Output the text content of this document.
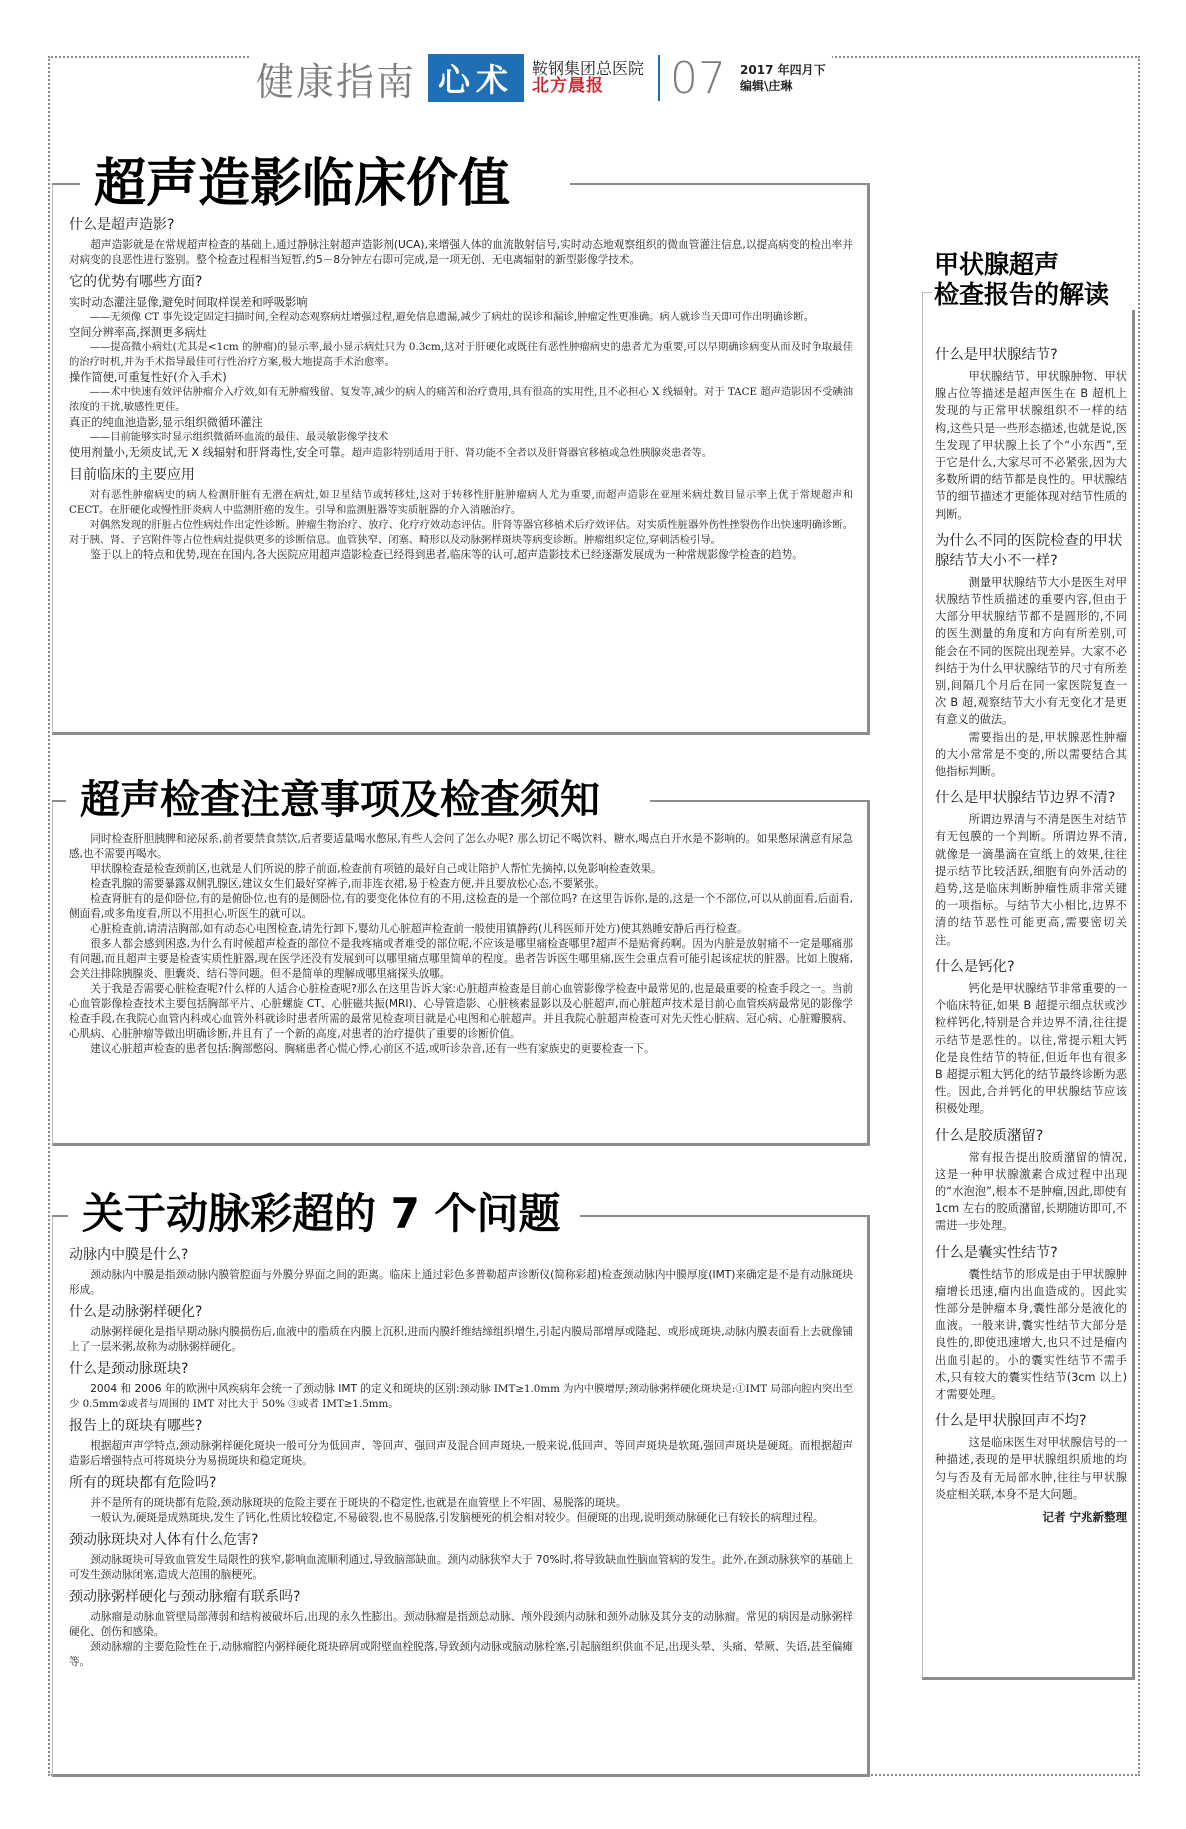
健康指南 心术	鞍钢集团总医院
北方晨报	07 2017 年四月下
编辑\庄琳
什么是超声造影?

超声造影就是在常规超声检查的基础上,通过静脉注射超声造影剂(UCA),来增强人体的血流散射信号,实时动态地观察组织的微血管灌注信息,以提高病变的检出率并对病变的良恶性进行鉴别。整个检查过程相当短暂,约5－8分钟左右即可完成,是一项无创、无电离辐射的新型影像学技术。

它的优势有哪些方面?

实时动态灌注显像,避免时间取样误差和呼吸影响

——无须像 CT 事先设定固定扫描时间,全程动态观察病灶增强过程,避免信息遗漏,减少了病灶的误诊和漏诊,肿瘤定性更准确。病人就诊当天即可作出明确诊断。

空间分辨率高,探测更多病灶

——提高微小病灶(尤其是<1cm 的肿瘤)的显示率,最小显示病灶只为 0.3cm,这对于肝硬化或既往有恶性肿瘤病史的患者尤为重要,可以早期确诊病变从而及时争取最佳的治疗时机,并为手术指导最佳可行性治疗方案,极大地提高手术治愈率。

操作简便,可重复性好(介入手术)

——术中快速有效评估肿瘤介入疗效,如有无肿瘤残留、复发等,减少的病人的痛苦和治疗费用,具有很高的实用性,且不必担心 X 线辐射。对于 TACE 超声造影因不受碘油浓度的干扰,敏感性更佳。

真正的纯血池造影,显示组织微循环灌注

——目前能够实时显示组织微循环血流的最佳、最灵敏影像学技术

使用剂量小,无须皮试,无 X 线辐射和肝肾毒性,安全可靠。超声造影特别适用于肝、肾功能不全者以及肝肾器官移植或急性胰腺炎患者等。

目前临床的主要应用

对有恶性肿瘤病史的病人检测肝脏有无潜在病灶,如卫星结节或转移灶,这对于转移性肝脏肿瘤病人尤为重要,而超声造影在亚厘米病灶数目显示率上优于常规超声和 CECT。在肝硬化或慢性肝炎病人中监测肝癌的发生。引导和监测脏器等实质脏器的介入消融治疗。

对偶然发现的肝脏占位性病灶作出定性诊断。肿瘤生物治疗、放疗、化疗疗效动态评估。肝肾等器官移植术后疗效评估。对实质性脏器外伤性挫裂伤作出快速明确诊断。对于胰、肾、子宫附件等占位性病灶提供更多的诊断信息。血管狭窄、闭塞、畸形以及动脉粥样斑块等病变诊断。肿瘤组织定位,穿刺活检引导。

鉴于以上的特点和优势,现在在国内,各大医院应用超声造影检查已经得到患者,临床等的认可,超声造影技术已经逐渐发展成为一种常规影像学检查的趋势。

超声造影临床价值

同时检查肝胆胰脾和泌尿系,前者要禁食禁饮,后者要适量喝水憋尿,有些人会问了怎么办呢? 那么切记不喝饮料、糖水,喝点白开水是不影响的。如果憋尿满意有尿急感,也不需要再喝水。

甲状腺检查是检查颈前区,也就是人们所说的脖子前面,检查前有项链的最好自己或让陪护人帮忙先摘掉,以免影响检查效果。

检查乳腺的需要暴露双侧乳腺区,建议女生们最好穿裤子,而非连衣裙,易于检查方便,并且要放松心态,不要紧张。

检查肾脏有的是仰卧位,有的是俯卧位,也有的是侧卧位,有的要变化体位有的不用,这检查的是一个部位吗? 在这里告诉你,是的,这是一个不部位,可以从前面看,后面看,侧面看,或多角度看,所以不用担心,听医生的就可以。

心脏检查前,请清洁胸部,如有动态心电图检查,请先行卸下,婴幼儿心脏超声检查前一般使用镇静药(儿科医师开处方)使其熟睡安静后再行检查。

很多人都会感到困惑,为什么有时候超声检查的部位不是我疼痛或者难受的部位呢,不应该是哪里痛检查哪里?超声不是贴膏药啊。因为内脏是放射痛不一定是哪痛那有问题,而且超声主要是检查实质性脏器,现在医学还没有发展到可以哪里痛点哪里简单的程度。患者告诉医生哪里痛,医生会重点看可能引起该症状的脏器。比如上腹痛,会关注排除胰腺炎、胆囊炎、结石等问题。但不是简单的理解成哪里痛探头放哪。

关于我是否需要心脏检查呢?什么样的人适合心脏检查呢?那么在这里告诉大家:心脏超声检查是目前心血管影像学检查中最常见的,也是最重要的检查手段之一。当前心血管影像检查技术主要包括胸部平片、心脏螺旋 CT、心脏磁共振(MRI)、心导管造影、心脏核素显影以及心脏超声,而心脏超声技术是目前心血管疾病最常见的影像学检查手段,在我院心血管内科或心血管外科就诊时患者所需的最常见检查项目就是心电图和心脏超声。并且我院心脏超声检查可对先天性心脏病、冠心病、心脏瓣膜病、心肌病、心脏肿瘤等做出明确诊断,并且有了一个新的高度,对患者的治疗提供了重要的诊断价值。

建议心脏超声检查的患者包括:胸部憋闷、胸痛患者心慌心悸,心前区不适,或听诊杂音,还有一些有家族史的更要检查一下。

超声检查注意事项及检查须知
动脉内中膜是什么?

颈动脉内中膜是指颈动脉内膜管腔面与外膜分界面之间的距离。临床上通过彩色多普勒超声诊断仪(简称彩超)检查颈动脉内中膜厚度(IMT)来确定是不是有动脉斑块形成。

什么是动脉粥样硬化?

动脉粥样硬化是指早期动脉内膜损伤后,血液中的脂质在内膜上沉积,进而内膜纤维结缔组织增生,引起内膜局部增厚或隆起、或形成斑块,动脉内膜表面看上去就像铺上了一层米粥,故称为动脉粥样硬化。

什么是颈动脉斑块?

2004 和 2006 年的欧洲中风疾病年会统一了颈动脉 IMT 的定义和斑块的区别:颈动脉 IMT≥1.0mm 为内中膜增厚;颈动脉粥样硬化斑块是:①IMT 局部向腔内突出至少 0.5mm②或者与周围的 IMT 对比大于 50% ③或者 IMT≥1.5mm。

报告上的斑块有哪些?

根据超声声学特点,颈动脉粥样硬化斑块一般可分为低回声、等回声、强回声及混合回声斑块,一般来说,低回声、等回声斑块是软斑,强回声斑块是硬斑。而根据超声造影后增强特点可将斑块分为易损斑块和稳定斑块。

所有的斑块都有危险吗?

并不是所有的斑块都有危险,颈动脉斑块的危险主要在于斑块的不稳定性,也就是在血管壁上不牢固、易脱落的斑块。

一般认为,硬斑是成熟斑块,发生了钙化,性质比较稳定,不易破裂,也不易脱落,引发脑梗死的机会相对较少。但硬斑的出现,说明颈动脉硬化已有较长的病理过程。

颈动脉斑块对人体有什么危害?

颈动脉斑块可导致血管发生局限性的狭窄,影响血流顺利通过,导致脑部缺血。颈内动脉狭窄大于 70%时,将导致缺血性脑血管病的发生。此外,在颈动脉狭窄的基础上可发生颈动脉闭塞,造成大范围的脑梗死。

颈动脉粥样硬化与颈动脉瘤有联系吗?

动脉瘤是动脉血管壁局部薄弱和结构被破坏后,出现的永久性膨出。颈动脉瘤是指颈总动脉、颅外段颈内动脉和颈外动脉及其分支的动脉瘤。常见的病因是动脉粥样硬化、创伤和感染。

颈动脉瘤的主要危险性在于,动脉瘤腔内粥样硬化斑块碎屑或附壁血栓脱落,导致颈内动脉或脑动脉栓塞,引起脑组织供血不足,出现头晕、头痛、晕厥、失语,甚至偏瘫等。

关于动脉彩超的 7 个问题
甲状腺超声
检查报告的解读
什么是甲状腺结节?

甲状腺结节、甲状腺肿物、甲状腺占位等描述是超声医生在 B 超机上发现的与正常甲状腺组织不一样的结构,这些只是一些形态描述,也就是说,医生发现了甲状腺上长了个“小东西”,至于它是什么,大家尽可不必紧张,因为大多数所谓的结节都是良性的。甲状腺结节的细节描述才更能体现对结节性质的判断。

为什么不同的医院检查的甲状腺结节大小不一样?

测量甲状腺结节大小是医生对甲状腺结节性质描述的重要内容,但由于大部分甲状腺结节都不是圆形的,不同的医生测量的角度和方向有所差别,可能会在不同的医院出现差异。大家不必纠结于为什么甲状腺结节的尺寸有所差别,间隔几个月后在同一家医院复查一次 B 超,观察结节大小有无变化才是更有意义的做法。

需要指出的是,甲状腺恶性肿瘤的大小常常是不变的,所以需要结合其他指标判断。

什么是甲状腺结节边界不清?

所谓边界清与不清是医生对结节有无包膜的一个判断。所谓边界不清,就像是一滴墨滴在宣纸上的效果,往往提示结节比较活跃,细胞有向外活动的趋势,这是临床判断肿瘤性质非常关键的一项指标。与结节大小相比,边界不清的结节恶性可能更高,需要密切关注。

什么是钙化?

钙化是甲状腺结节非常重要的一个临床特征,如果 B 超提示细点状或沙粒样钙化,特别是合并边界不清,往往提示结节是恶性的。以往,常提示粗大钙化是良性结节的特征,但近年也有很多 B 超提示粗大钙化的结节最终诊断为恶性。因此,合并钙化的甲状腺结节应该积极处理。

什么是胶质潴留?

常有报告提出胶质潴留的情况,这是一种甲状腺激素合成过程中出现的“水泡泡”,根本不是肿瘤,因此,即使有 1cm 左右的胶质潴留,长期随访即可,不需进一步处理。

什么是囊实性结节?

囊性结节的形成是由于甲状腺肿瘤增长迅速,瘤内出血造成的。因此实性部分是肿瘤本身,囊性部分是液化的血液。一般来讲,囊实性结节大部分是良性的,即使迅速增大,也只不过是瘤内出血引起的。小的囊实性结节不需手术,只有较大的囊实性结节(3cm 以上)才需要处理。

什么是甲状腺回声不均?

这是临床医生对甲状腺信号的一种描述,表现的是甲状腺组织质地的均匀与否及有无局部水肿,往往与甲状腺炎症相关联,本身不是大问题。

记者 宁兆新整理
